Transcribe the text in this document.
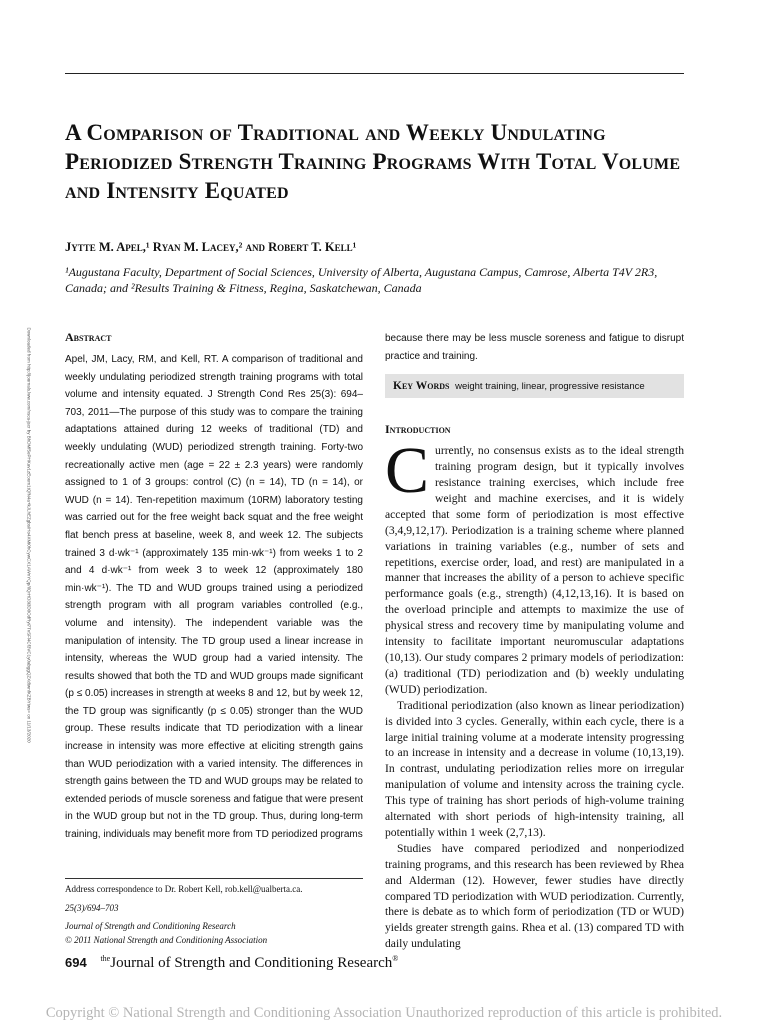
A Comparison of Traditional and Weekly Undulating Periodized Strength Training Programs With Total Volume and Intensity Equated
Jytte M. Apel,¹ Ryan M. Lacey,² and Robert T. Kell¹
¹Augustana Faculty, Department of Social Sciences, University of Alberta, Augustana Campus, Camrose, Alberta T4V 2R3, Canada; and ²Results Training & Fitness, Regina, Saskatchewan, Canada
Downloaded from http://journals.lww.com/nsca-jscr by BhDMf5ePHKav1zEoum1tQfN4a+kJLhEZgbsIHo4XMi0hCywCX1AWnYQp/IlQrHD3i3D0OdRyi7TvSFl4Cf3VC1y0abggQZXdtwnfKZBYtws= on 11/13/2020	Abstract

Apel, JM, Lacy, RM, and Kell, RT. A comparison of traditional and weekly undulating periodized strength training programs with total volume and intensity equated. J Strength Cond Res 25(3): 694–703, 2011—The purpose of this study was to compare the training adaptations attained during 12 weeks of traditional (TD) and weekly undulating (WUD) periodized strength training. Forty-two recreationally active men (age = 22 ± 2.3 years) were randomly assigned to 1 of 3 groups: control (C) (n = 14), TD (n = 14), or WUD (n = 14). Ten-repetition maximum (10RM) laboratory testing was carried out for the free weight back squat and the free weight flat bench press at baseline, week 8, and week 12. The subjects trained 3 d·wk⁻¹ (approximately 135 min·wk⁻¹) from weeks 1 to 2 and 4 d·wk⁻¹ from week 3 to week 12 (approximately 180 min·wk⁻¹). The TD and WUD groups trained using a periodized strength program with all program variables controlled (e.g., volume and intensity). The independent variable was the manipulation of intensity. The TD group used a linear increase in intensity, whereas the WUD group had a varied intensity. The results showed that both the TD and WUD groups made significant (p ≤ 0.05) increases in strength at weeks 8 and 12, but by week 12, the TD group was significantly (p ≤ 0.05) stronger than the WUD group. These results indicate that TD periodization with a linear increase in intensity was more effective at eliciting strength gains than WUD periodization with a varied intensity. The differences in strength gains between the TD and WUD groups may be related to extended periods of muscle soreness and fatigue that were present in the WUD group but not in the TD group. Thus, during long-term training, individuals may benefit more from TD periodized programs

because there may be less muscle soreness and fatigue to disrupt practice and training.

Key Words weight training, linear, progressive resistance
Introduction

C urrently, no consensus exists as to the ideal strength training program design, but it typically involves resistance training exercises, which include free weight and machine exercises, and it is widely accepted that some form of periodization is most effective (3,4,9,12,17). Periodization is a training scheme where planned variations in training variables (e.g., number of sets and repetitions, exercise order, load, and rest) are manipulated in a manner that increases the ability of a person to achieve specific performance goals (e.g., strength) (4,12,13,16). It is based on the overload principle and attempts to maximize the use of physical stress and recovery time by manipulating volume and intensity to facilitate important neuromuscular adaptations (10,13). Our study compares 2 primary models of periodization: (a) traditional (TD) periodization and (b) weekly undulating (WUD) periodization.

Traditional periodization (also known as linear periodization) is divided into 3 cycles. Generally, within each cycle, there is a large initial training volume at a moderate intensity progressing to an increase in intensity and a decrease in volume (10,13,19). In contrast, undulating periodization relies more on irregular manipulation of volume and intensity across the training cycle. This type of training has short periods of high-volume training alternated with short periods of high-intensity training, all potentially within 1 week (2,7,13).

Studies have compared periodized and nonperiodized training programs, and this research has been reviewed by Rhea and Alderman (12). However, fewer studies have directly compared TD periodization with WUD periodization. Currently, there is debate as to which form of periodization (TD or WUD) yields greater strength gains. Rhea et al. (13) compared TD with daily undulating

Address correspondence to Dr. Robert Kell, rob.kell@ualberta.ca.
25(3)/694–703
Journal of Strength and Conditioning Research
© 2011 National Strength and Conditioning Association
694 $^{the}$Journal of Strength and Conditioning Research®
Copyright © National Strength and Conditioning Association Unauthorized reproduction of this article is prohibited.
